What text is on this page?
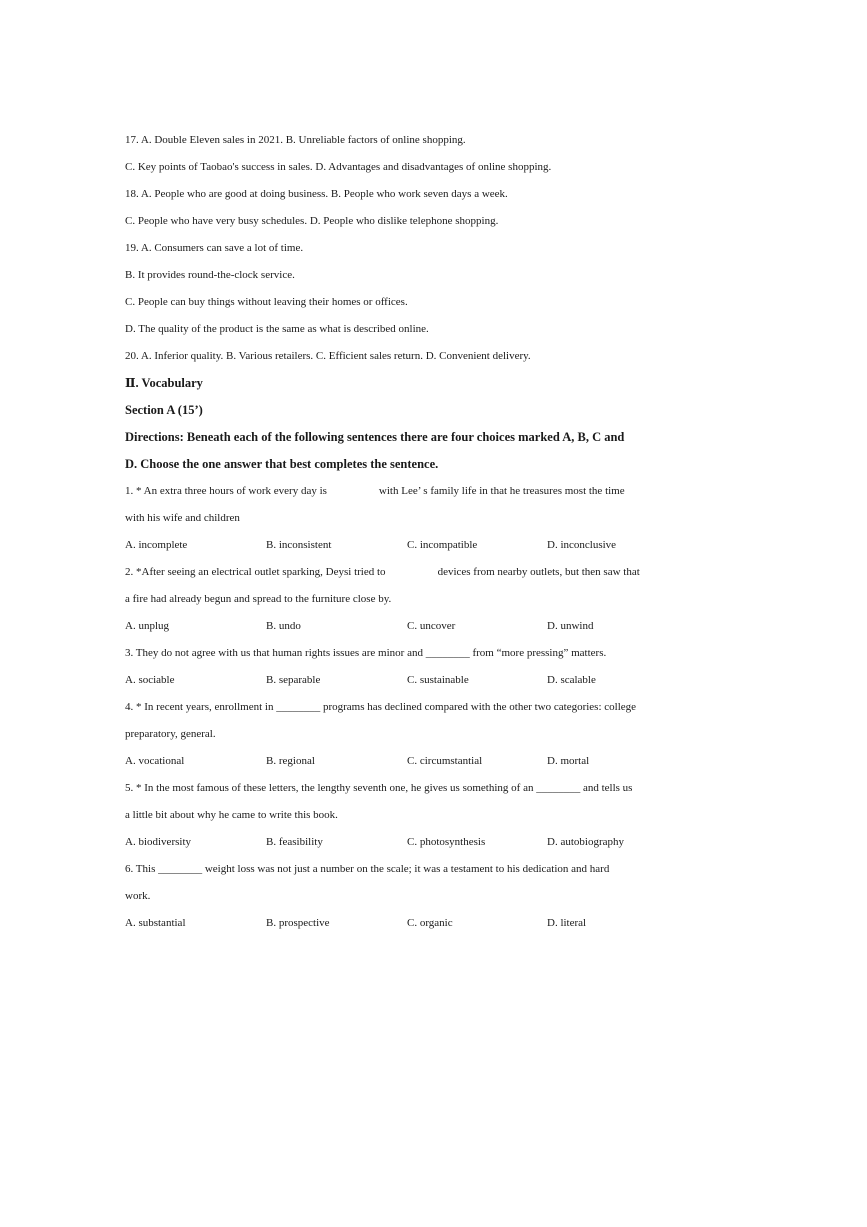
17. A. Double Eleven sales in 2021. B. Unreliable factors of online shopping.
C. Key points of Taobao's success in sales. D. Advantages and disadvantages of online shopping.
18. A. People who are good at doing business. B. People who work seven days a week.
C. People who have very busy schedules. D. People who dislike telephone shopping.
19. A. Consumers can save a lot of time.
B. It provides round-the-clock service.
C. People can buy things without leaving their homes or offices.
D. The quality of the product is the same as what is described online.
20. A. Inferior quality. B. Various retailers. C. Efficient sales return. D. Convenient delivery.
Ⅱ. Vocabulary
Section A (15’)
Directions: Beneath each of the following sentences there are four choices marked A, B, C and
D. Choose the one answer that best completes the sentence.
1. * An extra three hours of work every day is	with Lee’ s family life in that he treasures most the time
with his wife and children
A. incomplete	B. inconsistent	C. incompatible	D. inconclusive
2. *After seeing an electrical outlet sparking, Deysi tried to	devices from nearby outlets, but then saw that
a fire had already begun and spread to the furniture close by.
A. unplug	B. undo	C. uncover	D. unwind
3. They do not agree with us that human rights issues are minor and ________ from “more pressing” matters.
A. sociable	B. separable	C. sustainable	D. scalable
4. * In recent years, enrollment in ________ programs has declined compared with the other two categories: college
preparatory, general.
A. vocational	B. regional	C. circumstantial	D. mortal
5. * In the most famous of these letters, the lengthy seventh one, he gives us something of an ________ and tells us
a little bit about why he came to write this book.
A. biodiversity	B. feasibility	C. photosynthesis	D. autobiography
6. This ________ weight loss was not just a number on the scale; it was a testament to his dedication and hard
work.
A. substantial	B. prospective	C. organic	D. literal
